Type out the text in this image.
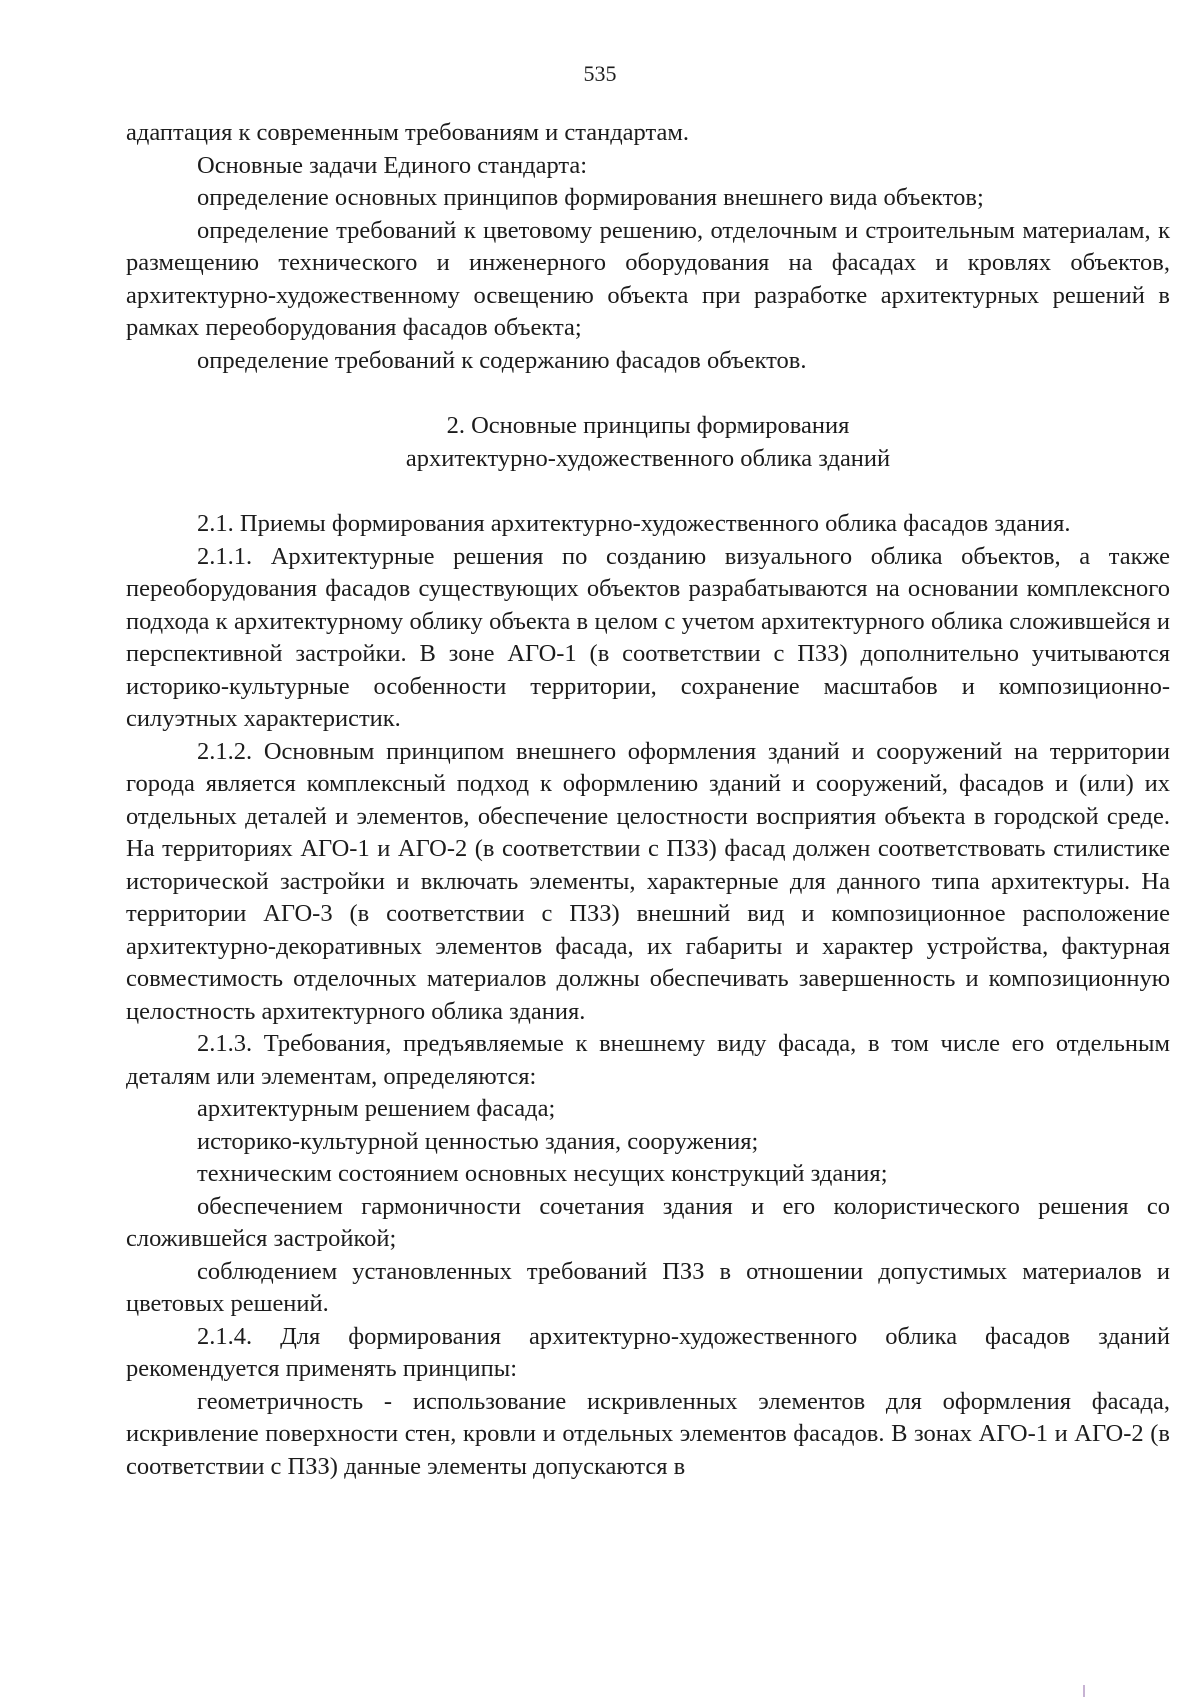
535

адаптация к современным требованиям и стандартам.

Основные задачи Единого стандарта:

определение основных принципов формирования внешнего вида объектов;

определение требований к цветовому решению, отделочным и строительным материалам, к размещению технического и инженерного оборудования на фасадах и кровлях объектов, архитектурно-художественному освещению объекта при разработке архитектурных решений в рамках переоборудования фасадов объекта;

определение требований к содержанию фасадов объектов.

2. Основные принципы формирования

архитектурно-художественного облика зданий

2.1. Приемы формирования архитектурно-художественного облика фасадов здания.

2.1.1. Архитектурные решения по созданию визуального облика объектов, а также переоборудования фасадов существующих объектов разрабатываются на основании комплексного подхода к архитектурному облику объекта в целом с учетом архитектурного облика сложившейся и перспективной застройки. В зоне АГО-1 (в соответствии с ПЗЗ) дополнительно учитываются историко-культурные особенности территории, сохранение масштабов и композиционно-силуэтных характеристик.

2.1.2. Основным принципом внешнего оформления зданий и сооружений на территории города является комплексный подход к оформлению зданий и сооружений, фасадов и (или) их отдельных деталей и элементов, обеспечение целостности восприятия объекта в городской среде. На территориях АГО-1 и АГО-2 (в соответствии с ПЗЗ) фасад должен соответствовать стилистике исторической застройки и включать элементы, характерные для данного типа архитектуры. На территории АГО-3 (в соответствии с ПЗЗ) внешний вид и композиционное расположение архитектурно-декоративных элементов фасада, их габариты и характер устройства, фактурная совместимость отделочных материалов должны обеспечивать завершенность и композиционную целостность архитектурного облика здания.

2.1.3. Требования, предъявляемые к внешнему виду фасада, в том числе его отдельным деталям или элементам, определяются:

архитектурным решением фасада;

историко-культурной ценностью здания, сооружения;

техническим состоянием основных несущих конструкций здания;

обеспечением гармоничности сочетания здания и его колористического решения со сложившейся застройкой;

соблюдением установленных требований ПЗЗ в отношении допустимых материалов и цветовых решений.

2.1.4. Для формирования архитектурно-художественного облика фасадов зданий рекомендуется применять принципы:

геометричность - использование искривленных элементов для оформления фасада, искривление поверхности стен, кровли и отдельных элементов фасадов. В зонах АГО-1 и АГО-2 (в соответствии с ПЗЗ) данные элементы допускаются в
